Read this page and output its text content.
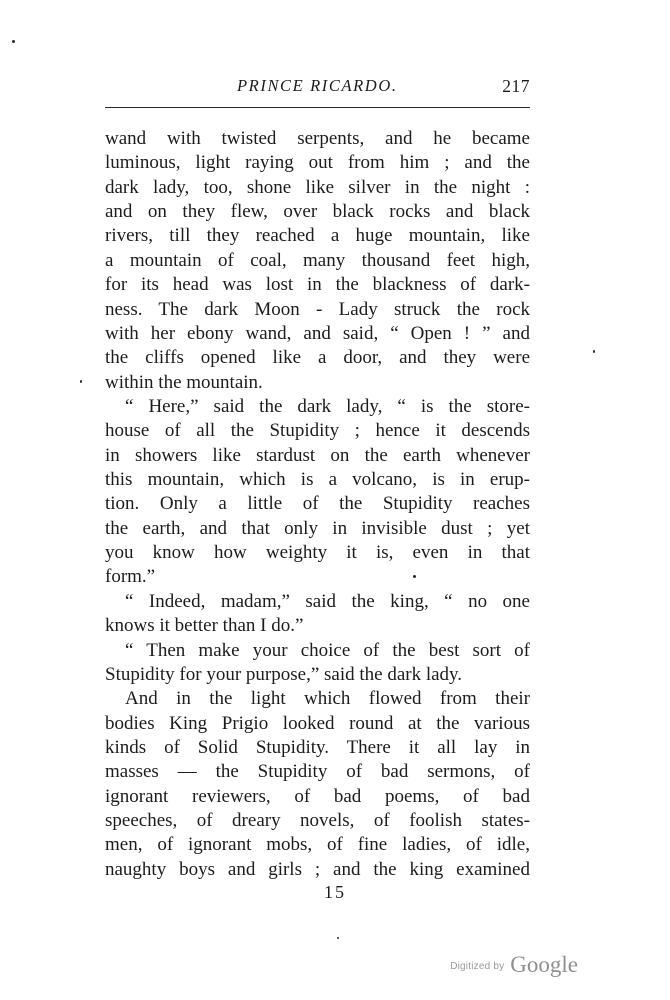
PRINCE RICARDO.	217
wand with twisted serpents, and he became
luminous, light raying out from him ; and the
dark lady, too, shone like silver in the night :
and on they flew, over black rocks and black
rivers, till they reached a huge mountain, like
a mountain of coal, many thousand feet high,
for its head was lost in the blackness of dark-
ness. The dark Moon - Lady struck the rock
with her ebony wand, and said, “ Open ! ” and
the cliffs opened like a door, and they were
within the mountain.
“ Here,” said the dark lady, “ is the store-
house of all the Stupidity ; hence it descends
in showers like stardust on the earth whenever
this mountain, which is a volcano, is in erup-
tion. Only a little of the Stupidity reaches
the earth, and that only in invisible dust ; yet
you know how weighty it is, even in that
form.”
“ Indeed, madam,” said the king, “ no one
knows it better than I do.”
“ Then make your choice of the best sort of
Stupidity for your purpose,” said the dark lady.
And in the light which flowed from their
bodies King Prigio looked round at the various
kinds of Solid Stupidity. There it all lay in
masses — the Stupidity of bad sermons, of
ignorant reviewers, of bad poems, of bad
speeches, of dreary novels, of foolish states-
men, of ignorant mobs, of fine ladies, of idle,
naughty boys and girls ; and the king examined
15
Digitized by Google
